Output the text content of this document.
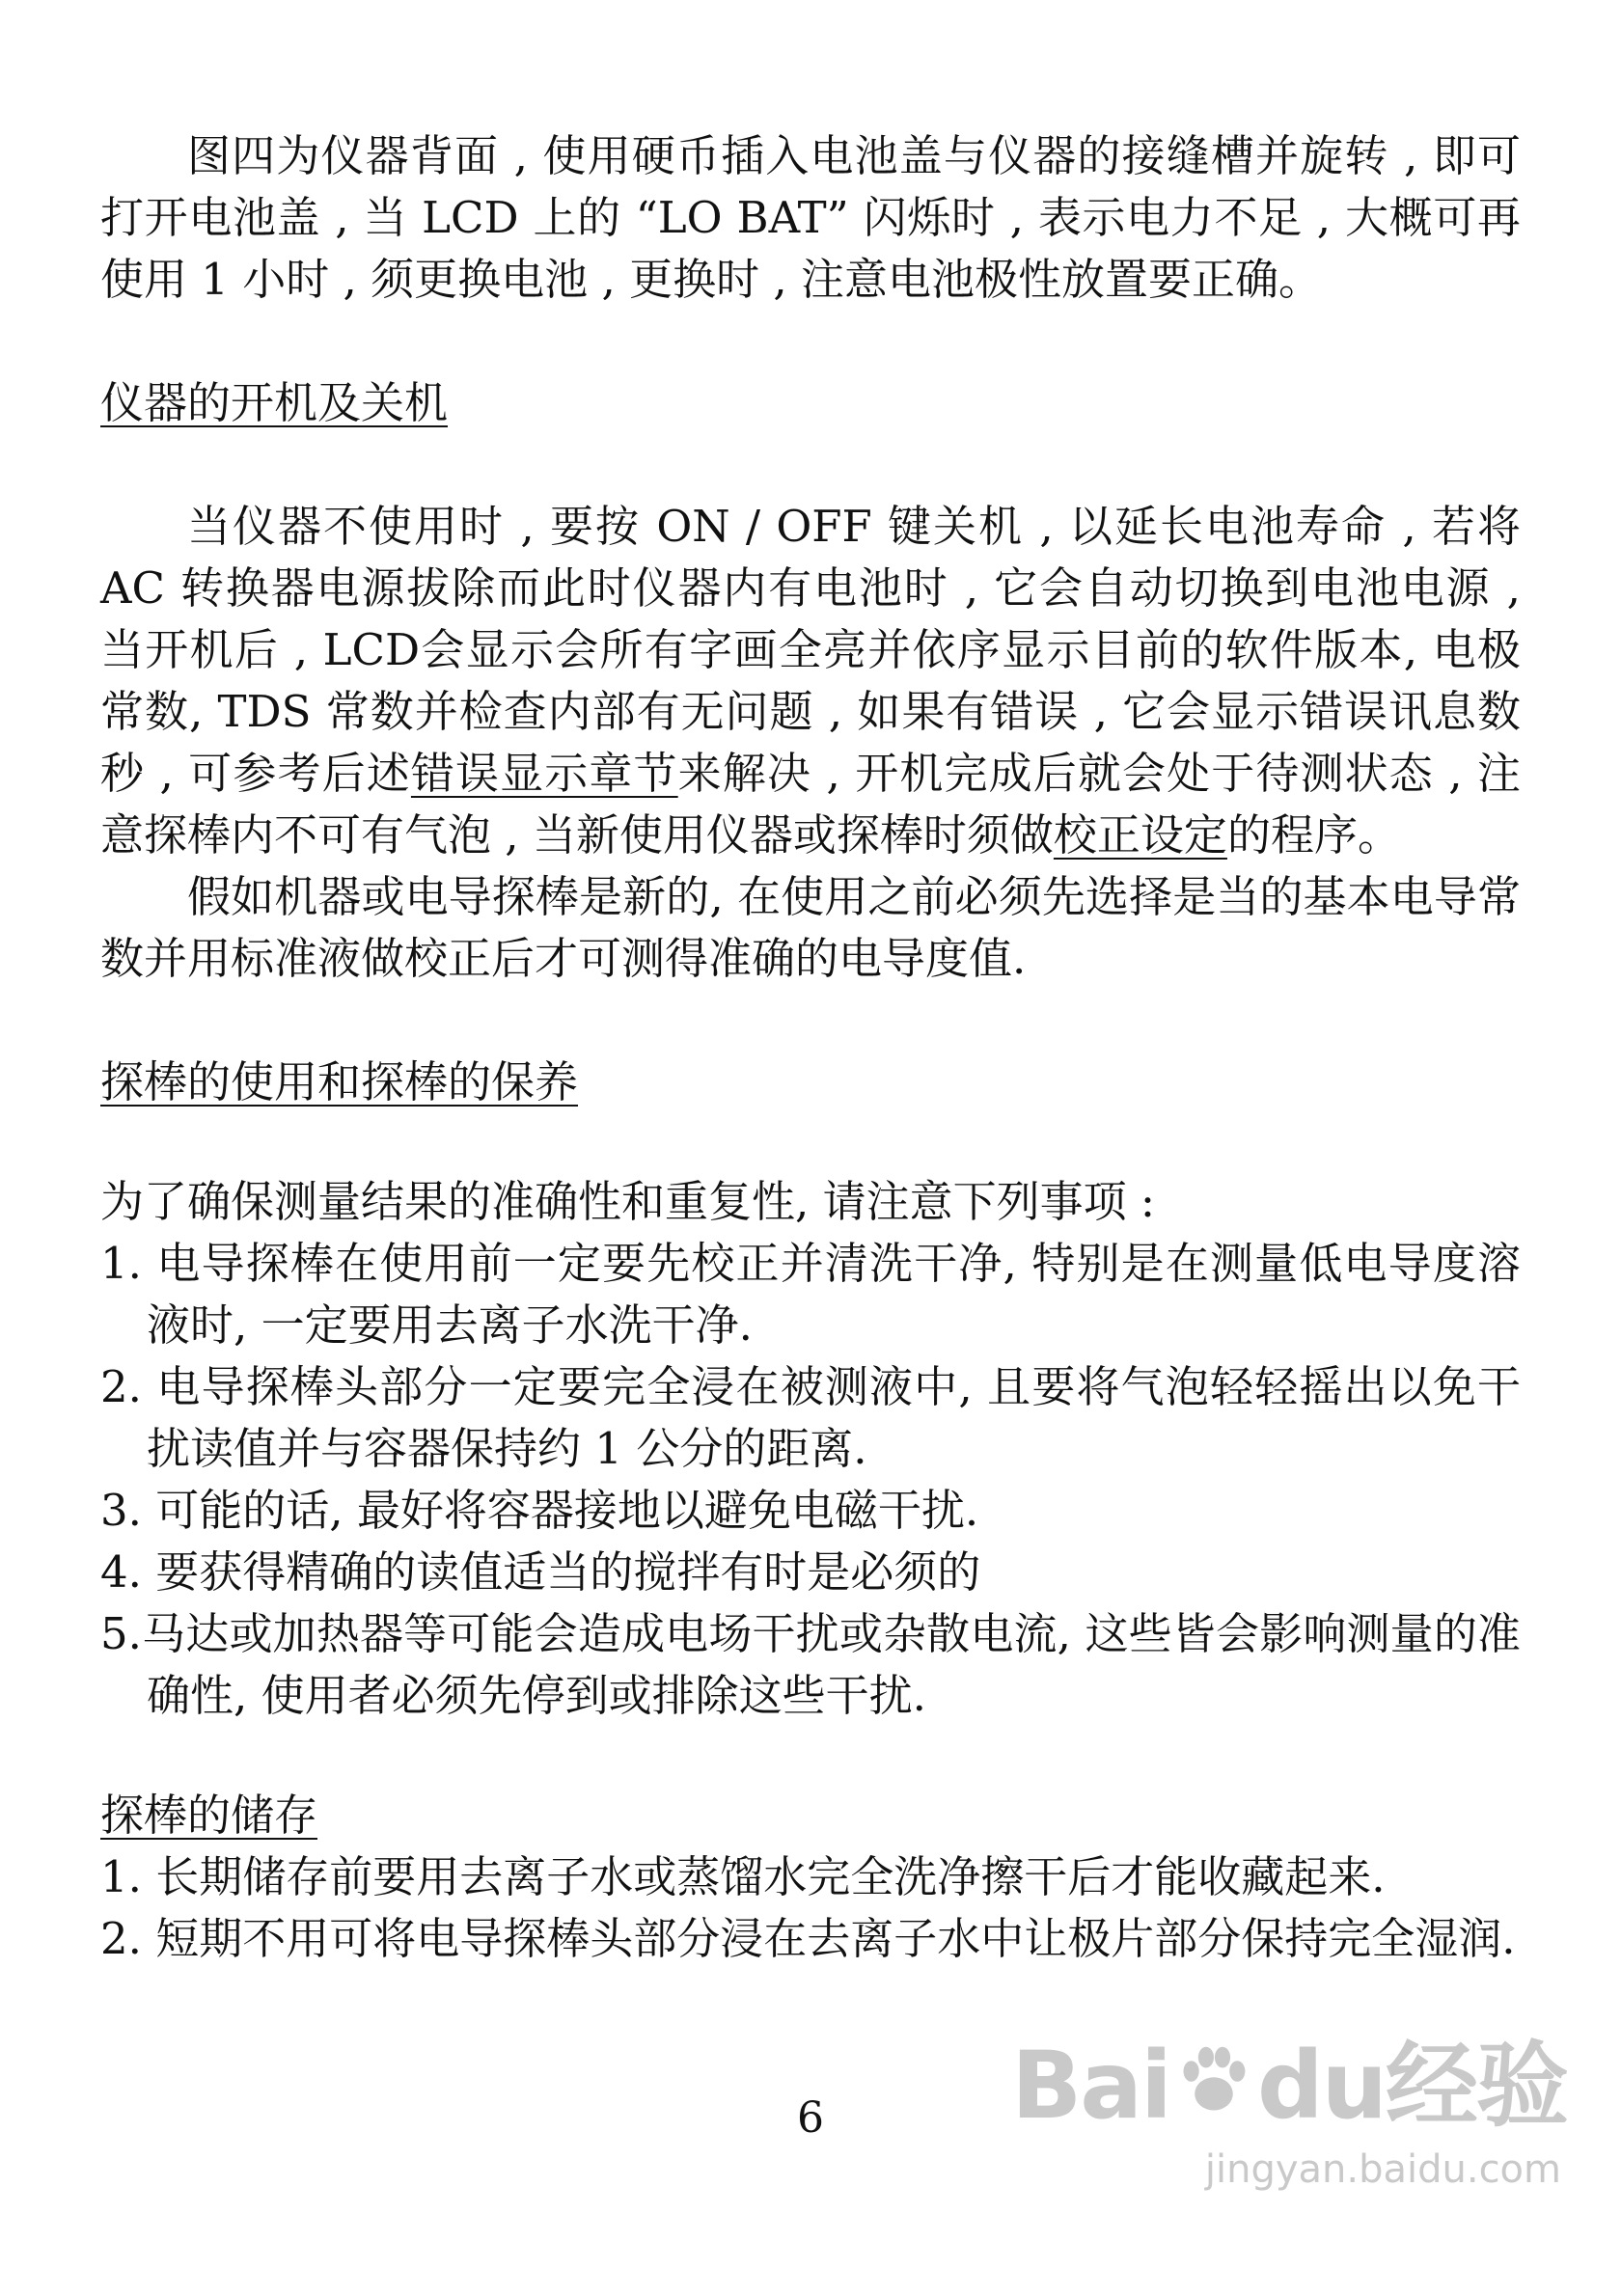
图四为仪器背面 , 使用硬币插入电池盖与仪器的接缝槽并旋转 , 即可打开电池盖 , 当 LCD 上的 “LO BAT” 闪烁时 , 表示电力不足 , 大概可再使用 1 小时 , 须更换电池 , 更换时 , 注意电池极性放置要正确。

仪器的开机及关机

当仪器不使用时 , 要按 ON / OFF 键关机 , 以延长电池寿命 , 若将 AC 转换器电源拔除而此时仪器内有电池时 , 它会自动切换到电池电源 , 当开机后 , LCD会显示会所有字画全亮并依序显示目前的软件版本, 电极常数, TDS 常数并检查内部有无问题 , 如果有错误 , 它会显示错误讯息数秒 , 可参考后述错误显示章节来解决 , 开机完成后就会处于待测状态 , 注意探棒内不可有气泡 , 当新使用仪器或探棒时须做校正设定的程序。

假如机器或电导探棒是新的, 在使用之前必须先选择是当的基本电导常数并用标准液做校正后才可测得准确的电导度值.

探棒的使用和探棒的保养

为了确保测量结果的准确性和重复性, 请注意下列事项 :

1. 电导探棒在使用前一定要先校正并清洗干净, 特别是在测量低电导度溶液时, 一定要用去离子水洗干净.
2. 电导探棒头部分一定要完全浸在被测液中, 且要将气泡轻轻摇出以免干扰读值并与容器保持约 1 公分的距离.
3. 可能的话, 最好将容器接地以避免电磁干扰.
4. 要获得精确的读值适当的搅拌有时是必须的
5.马达或加热器等可能会造成电场干扰或杂散电流, 这些皆会影响测量的准确性, 使用者必须先停到或排除这些干扰.

探棒的储存

1. 长期储存前要用去离子水或蒸馏水完全洗净擦干后才能收藏起来.
2. 短期不用可将电导探棒头部分浸在去离子水中让极片部分保持完全湿润.
6	Bai du经验
jingyan.baidu.com
